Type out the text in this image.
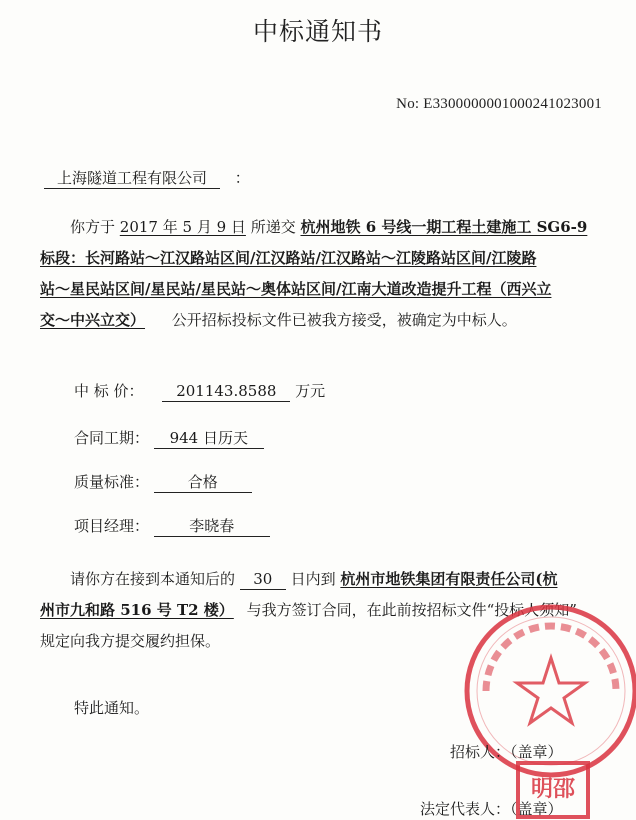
中标通知书
No: E3300000001000241023001
上海隧道工程有限公司 ：
你方于 2017 年 5 月 9 日 所递交 杭州地铁 6 号线一期工程土建施工 SG6-9
标段：长河路站～江汉路站区间/江汉路站/江汉路站～江陵路站区间/江陵路
站～星民站区间/星民站/星民站～奥体站区间/江南大道改造提升工程（西兴立
交～中兴立交） 公开招标投标文件已被我方接受，被确定为中标人。
中 标 价： 201143.8588 万元
合同工期： 944 日历天
质量标准：	合格
项目经理：	李晓春
请你方在接到本通知后的 30 日内到 杭州市地铁集团有限责任公司(杭
州市九和路 516 号 T2 楼） 与我方签订合同，在此前按招标文件“投标人须知”
规定向我方提交履约担保。
特此通知。
招标人：（盖章）
法定代表人：（盖章）
明邵
